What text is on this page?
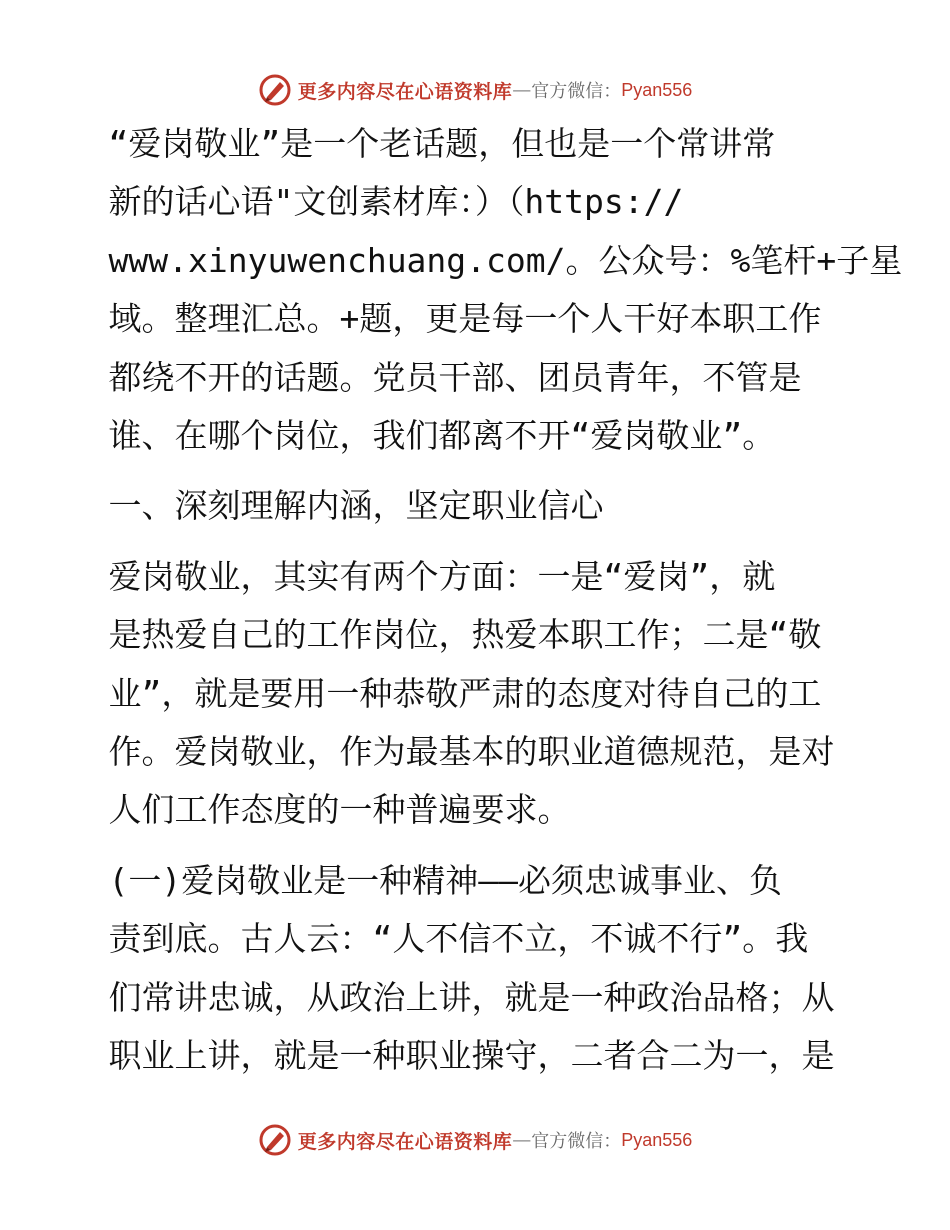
更多内容尽在心语资料库 — 官方微信： Pyan556

“爱岗敬业”是一个老话题，但也是一个常讲常
新的话心语"文创素材库：）（https://
www.xinyuwenchuang.com/。公众号：%笔杆+子星
域。整理汇总。+题，更是每一个人干好本职工作
都绕不开的话题。党员干部、团员青年，不管是
谁、在哪个岗位，我们都离不开“爱岗敬业”。

一、深刻理解内涵，坚定职业信心

爱岗敬业，其实有两个方面：一是“爱岗”，就
是热爱自己的工作岗位，热爱本职工作；二是“敬
业”，就是要用一种恭敬严肃的态度对待自己的工
作。爱岗敬业，作为最基本的职业道德规范，是对
人们工作态度的一种普遍要求。

(一)爱岗敬业是一种精神——必须忠诚事业、负
责到底。古人云：“人不信不立，不诚不行”。我
们常讲忠诚，从政治上讲，就是一种政治品格；从
职业上讲，就是一种职业操守，二者合二为一，是

更多内容尽在心语资料库 — 官方微信： Pyan556
